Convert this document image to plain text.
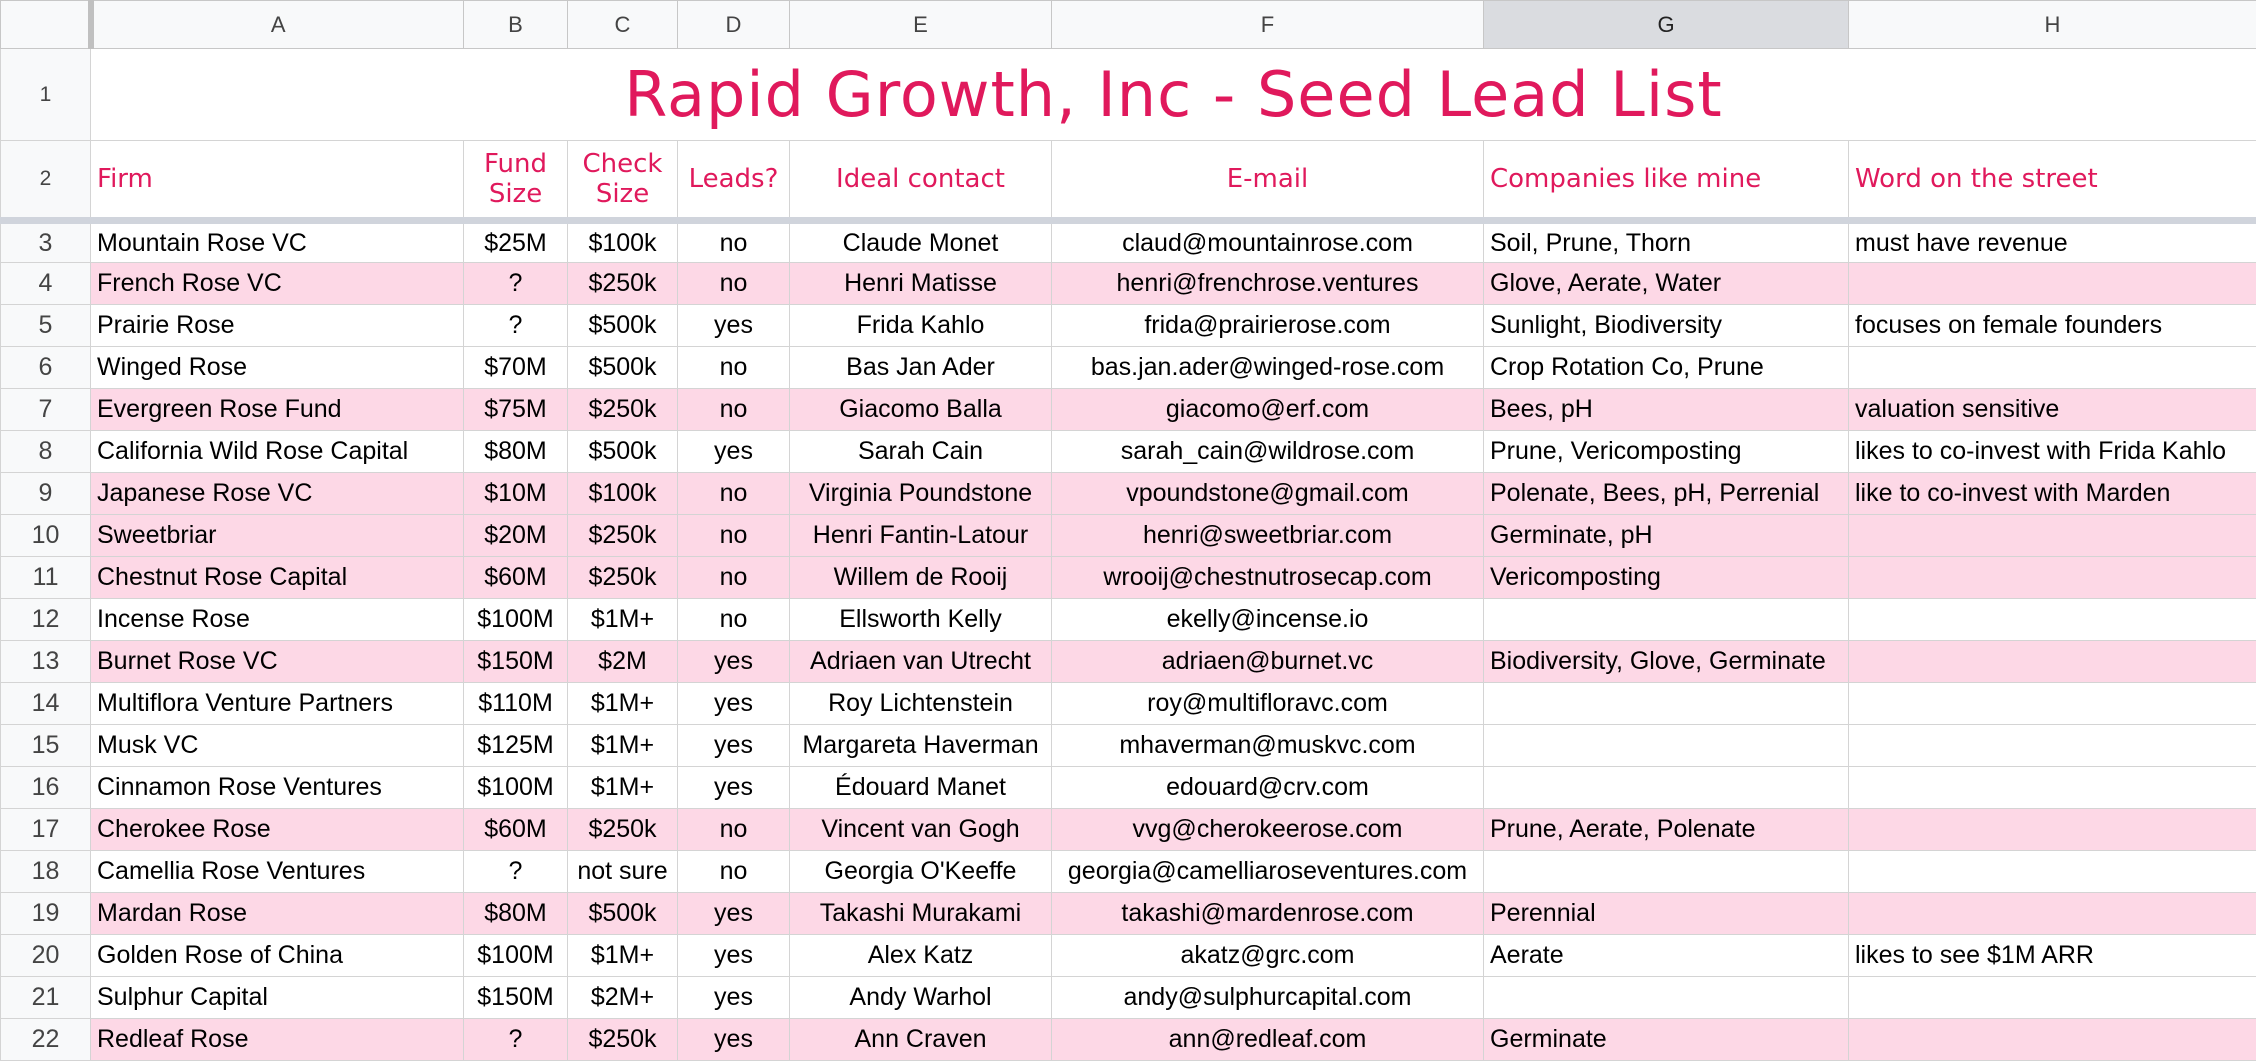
	A	B	C	D	E	F	G	H
1	Rapid Growth, Inc - Seed Lead List							
2	Firm	Fund Size	Check Size	Leads?	Ideal contact	E-mail	Companies like mine	Word on the street
3	Mountain Rose VC	$25M	$100k	no	Claude Monet	claud@mountainrose.com	Soil, Prune, Thorn	must have revenue
4	French Rose VC	?	$250k	no	Henri Matisse	henri@frenchrose.ventures	Glove, Aerate, Water	
5	Prairie Rose	?	$500k	yes	Frida Kahlo	frida@prairierose.com	Sunlight, Biodiversity	focuses on female founders
6	Winged Rose	$70M	$500k	no	Bas Jan Ader	bas.jan.ader@winged-rose.com	Crop Rotation Co, Prune	
7	Evergreen Rose Fund	$75M	$250k	no	Giacomo Balla	giacomo@erf.com	Bees, pH	valuation sensitive
8	California Wild Rose Capital	$80M	$500k	yes	Sarah Cain	sarah_cain@wildrose.com	Prune, Vericomposting	likes to co-invest with Frida Kahlo
9	Japanese Rose VC	$10M	$100k	no	Virginia Poundstone	vpoundstone@gmail.com	Polenate, Bees, pH, Perrenial	like to co-invest with Marden
10	Sweetbriar	$20M	$250k	no	Henri Fantin-Latour	henri@sweetbriar.com	Germinate, pH	
11	Chestnut Rose Capital	$60M	$250k	no	Willem de Rooij	wrooij@chestnutrosecap.com	Vericomposting	
12	Incense Rose	$100M	$1M+	no	Ellsworth Kelly	ekelly@incense.io		
13	Burnet Rose VC	$150M	$2M	yes	Adriaen van Utrecht	adriaen@burnet.vc	Biodiversity, Glove, Germinate	
14	Multiflora Venture Partners	$110M	$1M+	yes	Roy Lichtenstein	roy@multifloravc.com		
15	Musk VC	$125M	$1M+	yes	Margareta Haverman	mhaverman@muskvc.com		
16	Cinnamon Rose Ventures	$100M	$1M+	yes	Édouard Manet	edouard@crv.com		
17	Cherokee Rose	$60M	$250k	no	Vincent van Gogh	vvg@cherokeerose.com	Prune, Aerate, Polenate	
18	Camellia Rose Ventures	?	not sure	no	Georgia O'Keeffe	georgia@camelliaroseventures.com		
19	Mardan Rose	$80M	$500k	yes	Takashi Murakami	takashi@mardenrose.com	Perennial	
20	Golden Rose of China	$100M	$1M+	yes	Alex Katz	akatz@grc.com	Aerate	likes to see $1M ARR
21	Sulphur Capital	$150M	$2M+	yes	Andy Warhol	andy@sulphurcapital.com		
22	Redleaf Rose	?	$250k	yes	Ann Craven	ann@redleaf.com	Germinate	
